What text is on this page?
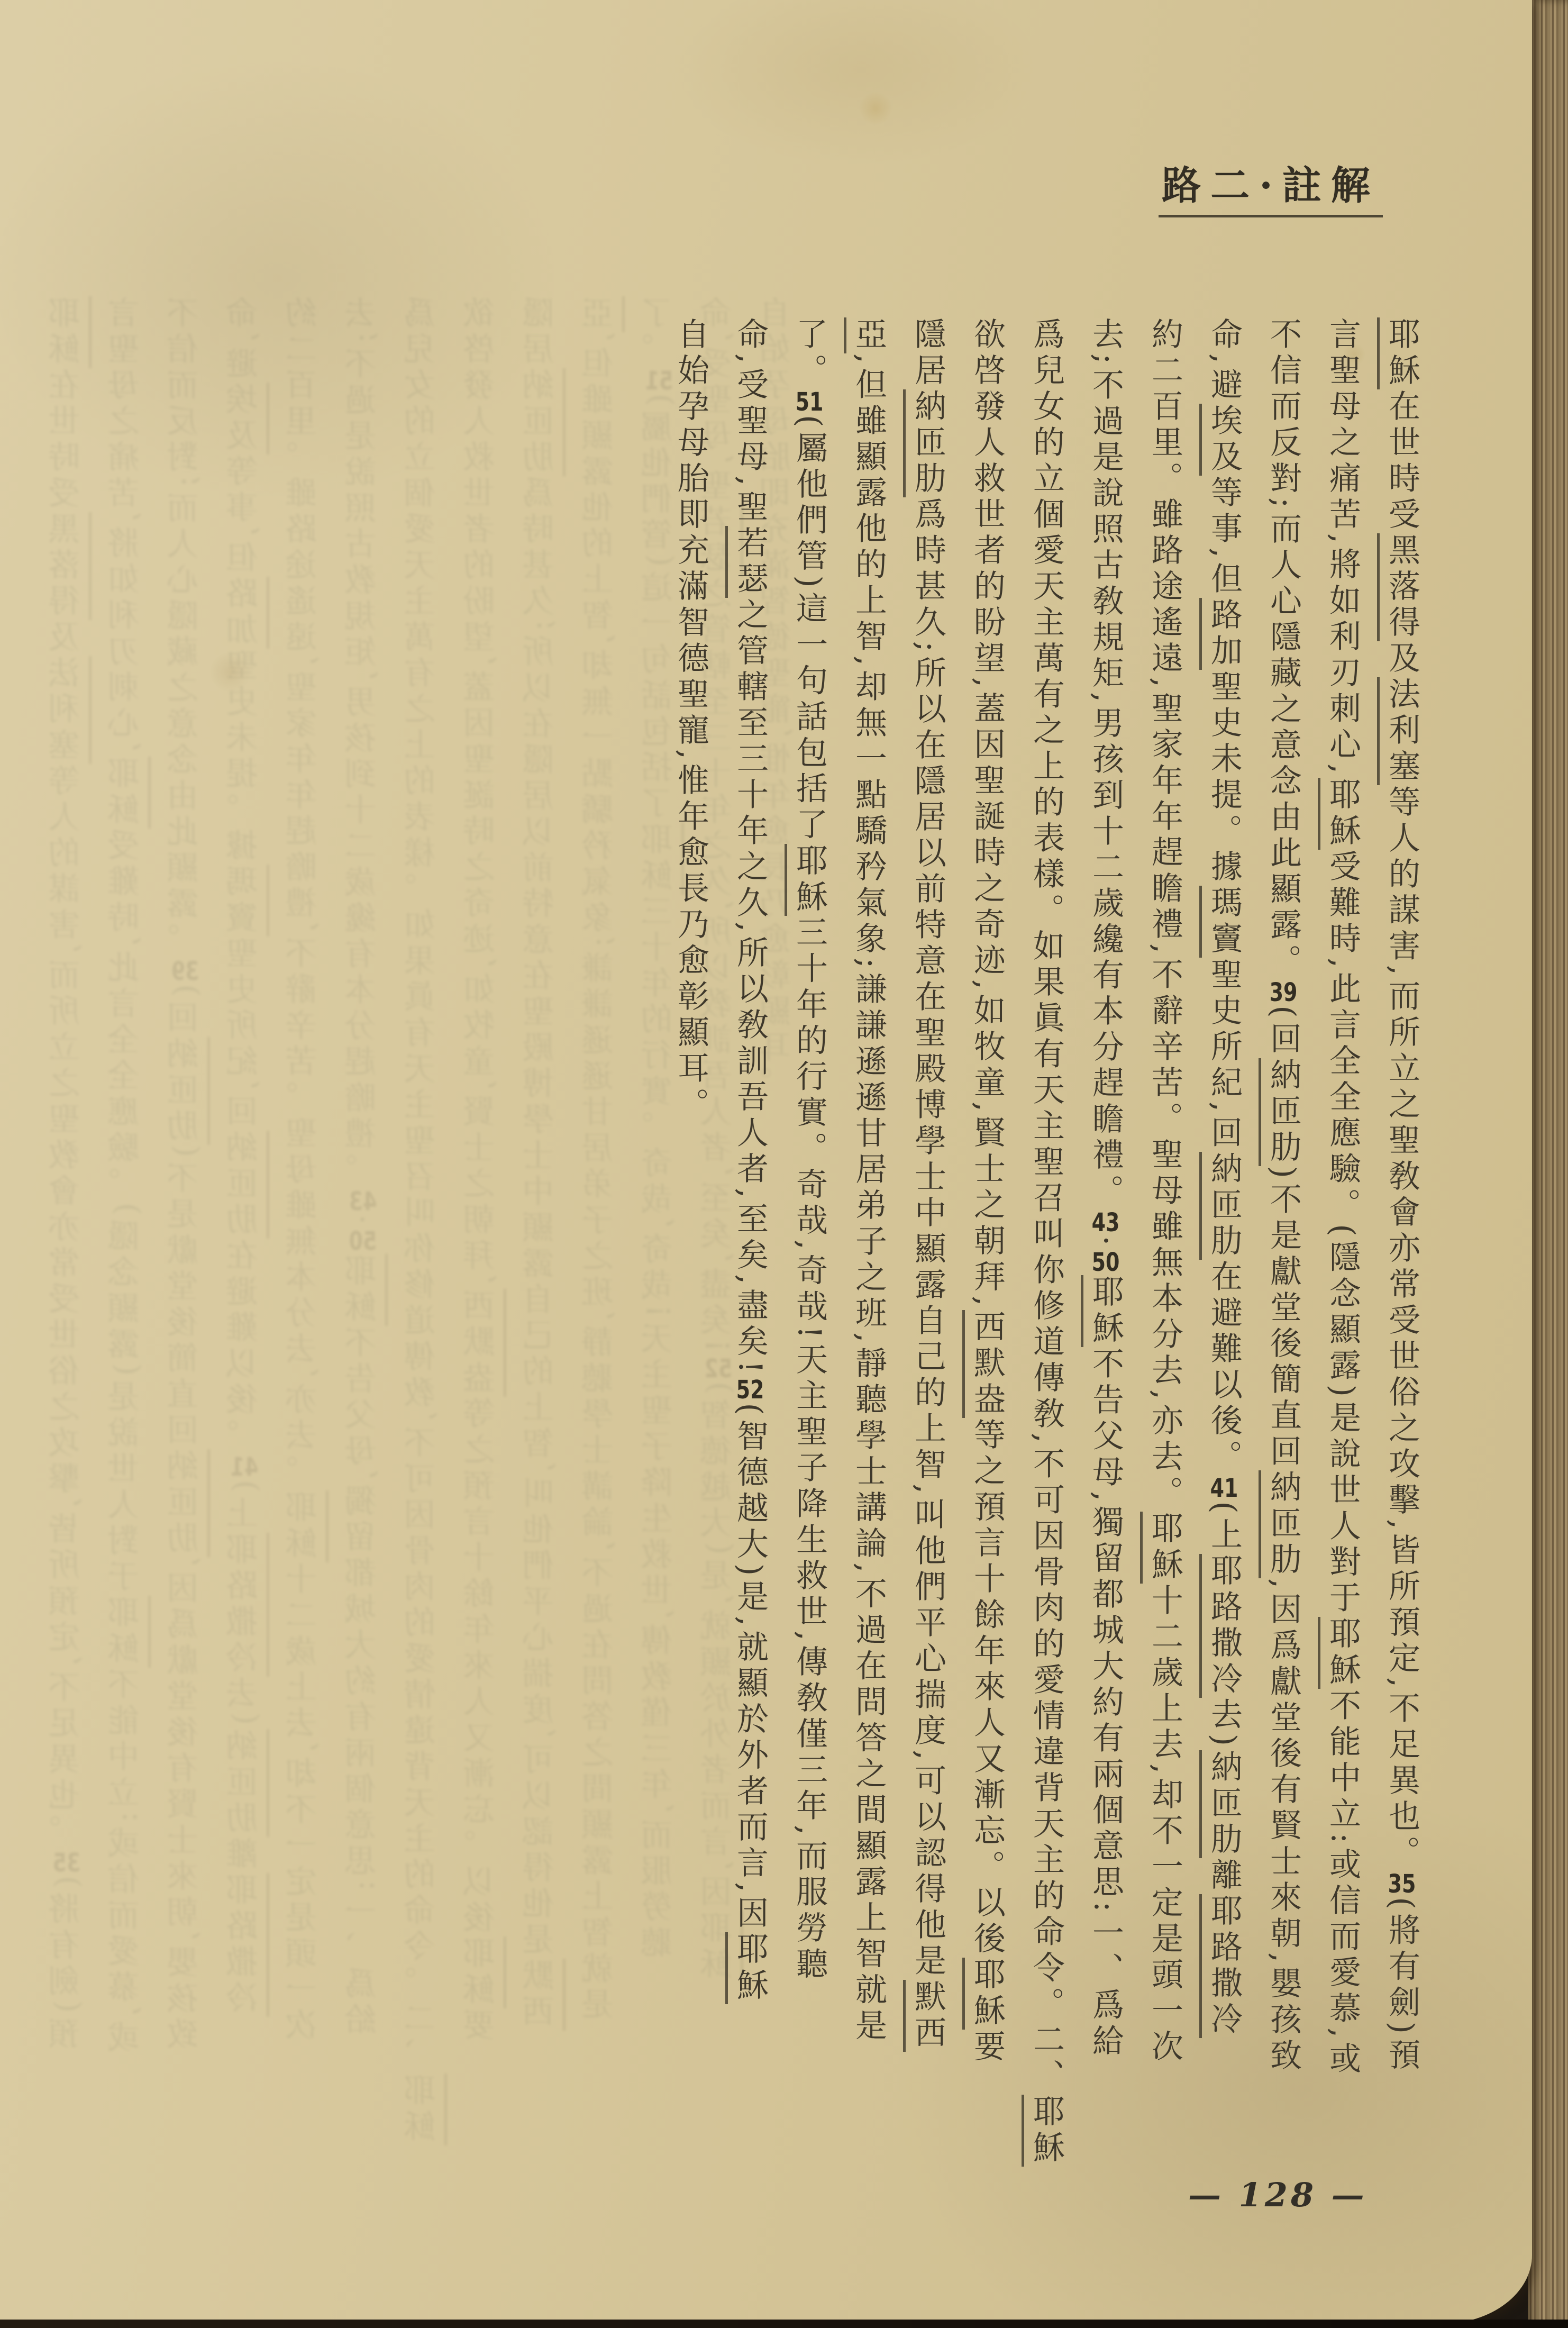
耶穌在世時受黑落得及法利塞等人的謀害,而所立之聖敎會亦常受世俗之攻擊,皆所預定,不足異也。35(將有劍)預
言聖母之痛苦,將如利刃刺心,耶穌受難時,此言全全應驗。(隱念顯露)是說世人對于耶穌不能中立:或信而愛慕,或
不信而反對;而人心隱藏之意念由此顯露。39(回納匝肋)不是獻堂後簡直回納匝肋,因爲獻堂後有賢士來朝,嬰孩致
命,避埃及等事,但路加聖史未提。據瑪竇聖史所紀,回納匝肋在避難以後。41(上耶路撒冷去)納匝肋離耶路撒冷
約二百里。雖路途遙遠,聖家年年趕瞻禮,不辭辛苦。聖母雖無本分去,亦去。耶穌十二歲上去,却不一定是頭一次
去;不過是說照古敎規矩,男孩到十二歲纔有本分趕瞻禮。43·50耶穌不告父母,獨留都城大約有兩個意思:一、爲給 爲兒女的立個愛天主萬有之上的表樣。如果眞有天主聖召叫你修道傳敎,不可因骨肉的愛情違背天主的命令。二、耶穌
欲啓發人救世者的盼望,蓋因聖誕時之奇迹,如牧童,賢士之朝拜,西默盎等之預言十餘年來人又漸忘。以後耶穌要
隱居納匝肋爲時甚久;所以在隱居以前特意在聖殿博學士中顯露自己的上智,叫他們平心揣度,可以認得他是默西
亞,但雖顯露他的上智,却無一點驕矜氣象;謙謙遜遜甘居弟子之班,靜聽學士講論,不過在問答之間顯露上智就是 了。51(屬他們管)這一句話包括了耶穌三十年的行實。奇哉,奇哉!天主聖子降生救世,傳敎僅三年,而服勞聽
命,受聖母,聖若瑟之管轄至三十年之久,所以敎訓吾人者,至矣,盡矣!52(智德越大)是,就顯於外者而言,因耶穌
自始孕母胎即充滿智德聖寵,惟年愈長乃愈彰顯耳。
路二·註解
耶穌在世時受黑落得及法利塞等人的謀害,而所立之聖敎會亦常受世俗之攻擊,皆所預定,不足異也。35(將有劍)預
言聖母之痛苦,將如利刃刺心,耶穌受難時,此言全全應驗。(隱念顯露)是說世人對于耶穌不能中立:或信而愛慕,或
不信而反對;而人心隱藏之意念由此顯露。39(回納匝肋)不是獻堂後簡直回納匝肋,因爲獻堂後有賢士來朝,嬰孩致
命,避埃及等事,但路加聖史未提。據瑪竇聖史所紀,回納匝肋在避難以後。41(上耶路撒冷去)納匝肋離耶路撒冷
約二百里。雖路途遙遠,聖家年年趕瞻禮,不辭辛苦。聖母雖無本分去,亦去。耶穌十二歲上去,却不一定是頭一次
去;不過是說照古敎規矩,男孩到十二歲纔有本分趕瞻禮。43·50耶穌不告父母,獨留都城大約有兩個意思:一、爲給
爲兒女的立個愛天主萬有之上的表樣。如果眞有天主聖召叫你修道傳敎,不可因骨肉的愛情違背天主的命令。二、耶穌
欲啓發人救世者的盼望,蓋因聖誕時之奇迹,如牧童,賢士之朝拜,西默盎等之預言十餘年來人又漸忘。以後耶穌要
隱居納匝肋爲時甚久;所以在隱居以前特意在聖殿博學士中顯露自己的上智,叫他們平心揣度,可以認得他是默西
亞,但雖顯露他的上智,却無一點驕矜氣象;謙謙遜遜甘居弟子之班,靜聽學士講論,不過在問答之間顯露上智就是
了。51(屬他們管)這一句話包括了耶穌三十年的行實。奇哉,奇哉!天主聖子降生救世,傳敎僅三年,而服勞聽
命,受聖母,聖若瑟之管轄至三十年之久,所以敎訓吾人者,至矣,盡矣!52(智德越大)是,就顯於外者而言,因耶穌
自始孕母胎即充滿智德聖寵,惟年愈長乃愈彰顯耳。
— 128 —
